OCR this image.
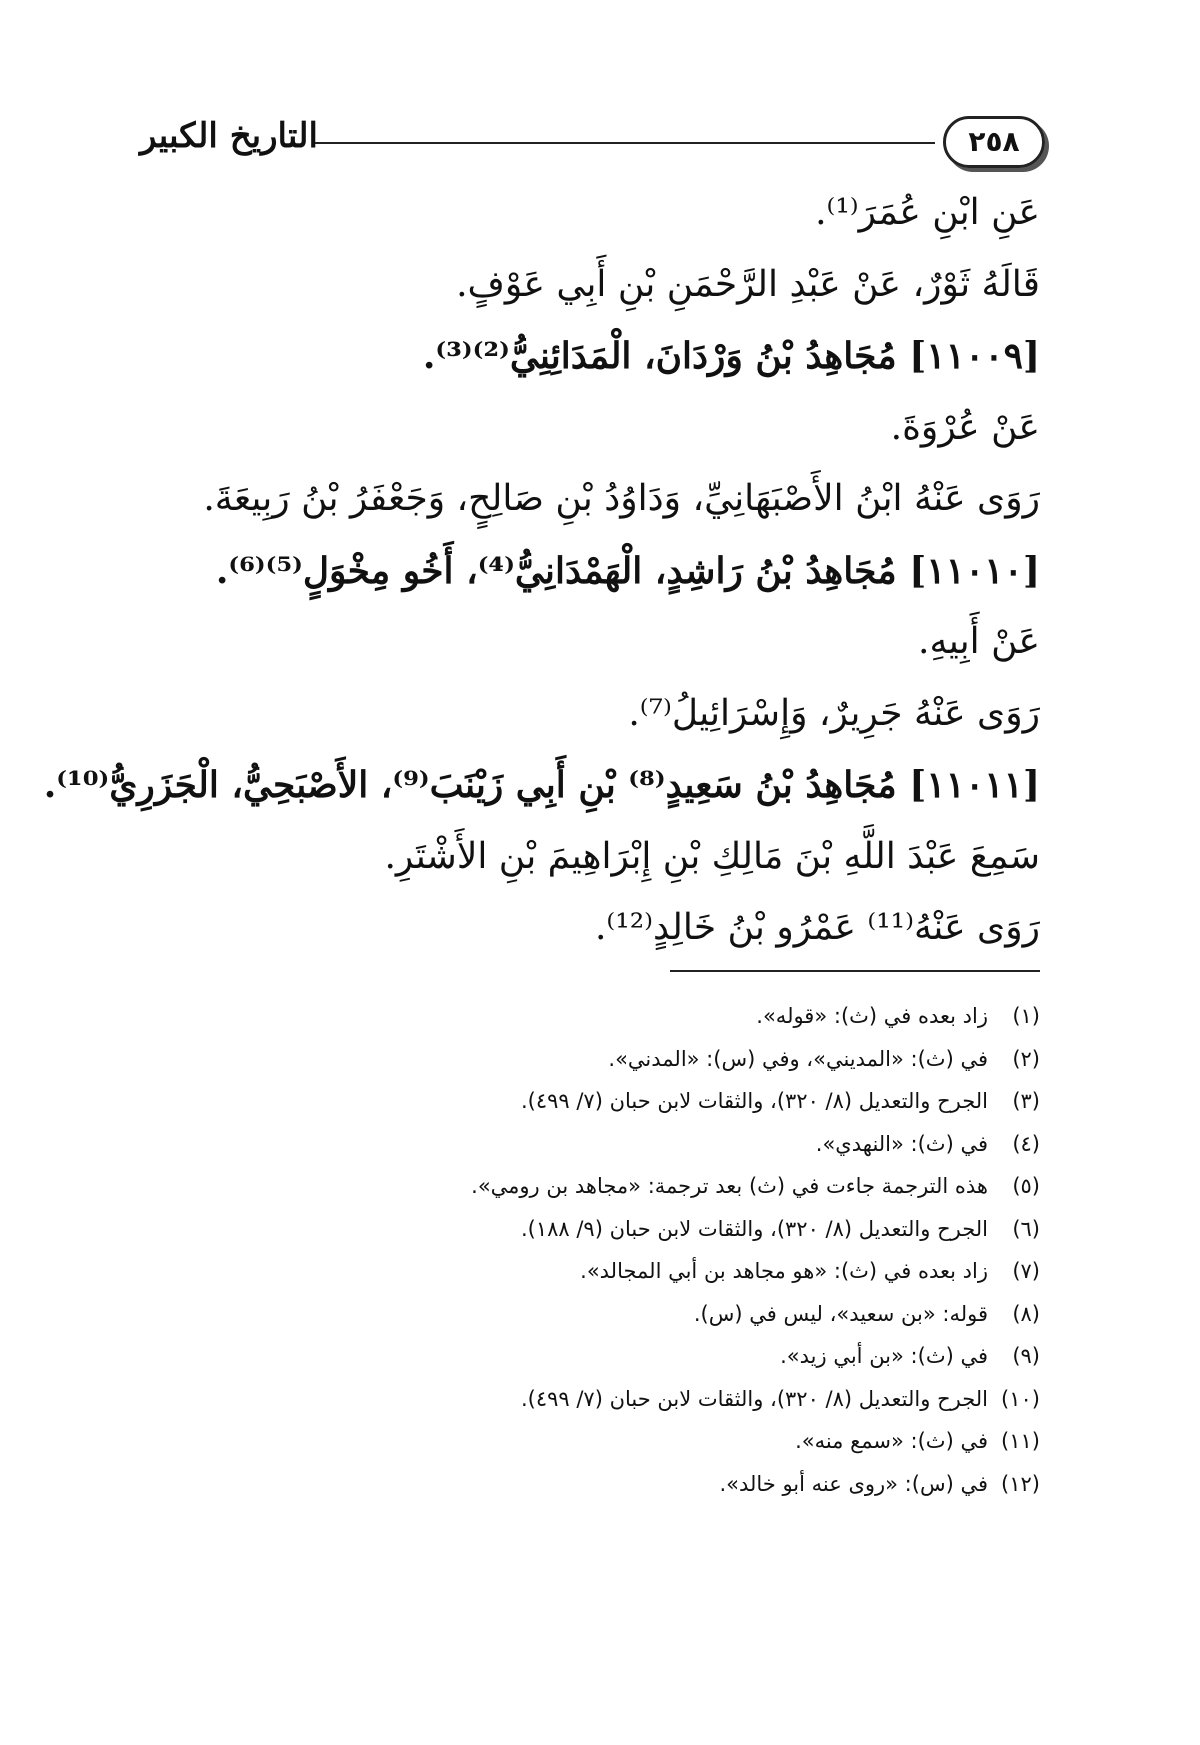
التاريخ الكبير	٢٥٨
عَنِ ابْنِ عُمَرَ⁽¹⁾.
قَالَهُ ثَوْرٌ، عَنْ عَبْدِ الرَّحْمَنِ بْنِ أَبِي عَوْفٍ.
[١١٠٠٩] مُجَاهِدُ بْنُ وَرْدَانَ، الْمَدَائِنِيُّ⁽²⁾⁽³⁾.
عَنْ عُرْوَةَ.
رَوَى عَنْهُ ابْنُ الأَصْبَهَانِيِّ، وَدَاوُدُ بْنِ صَالِحٍ، وَجَعْفَرُ بْنُ رَبِيعَةَ.
[١١٠١٠] مُجَاهِدُ بْنُ رَاشِدٍ، الْهَمْدَانِيُّ⁽⁴⁾، أَخُو مِخْوَلٍ⁽⁵⁾⁽⁶⁾.
عَنْ أَبِيهِ.
رَوَى عَنْهُ جَرِيرٌ، وَإِسْرَائِيلُ⁽⁷⁾.
[١١٠١١] مُجَاهِدُ بْنُ سَعِيدٍ⁽⁸⁾ بْنِ أَبِي زَيْنَبَ⁽⁹⁾، الأَصْبَحِيُّ، الْجَزَرِيُّ⁽¹⁰⁾.
سَمِعَ عَبْدَ اللَّهِ بْنَ مَالِكِ بْنِ إِبْرَاهِيمَ بْنِ الأَشْتَرِ.
رَوَى عَنْهُ⁽¹¹⁾ عَمْرُو بْنُ خَالِدٍ⁽¹²⁾.
(١)زاد بعده في (ث): «قوله».
(٢)في (ث): «المديني»، وفي (س): «المدني».
(٣)الجرح والتعديل (٨/ ٣٢٠)، والثقات لابن حبان (٧/ ٤٩٩).
(٤)في (ث): «النهدي».
(٥)هذه الترجمة جاءت في (ث) بعد ترجمة: «مجاهد بن رومي».
(٦)الجرح والتعديل (٨/ ٣٢٠)، والثقات لابن حبان (٩/ ١٨٨).
(٧)زاد بعده في (ث): «هو مجاهد بن أبي المجالد».
(٨)قوله: «بن سعيد»، ليس في (س).
(٩)في (ث): «بن أبي زيد».
(١٠)الجرح والتعديل (٨/ ٣٢٠)، والثقات لابن حبان (٧/ ٤٩٩).
(١١)في (ث): «سمع منه».
(١٢)في (س): «روى عنه أبو خالد».
